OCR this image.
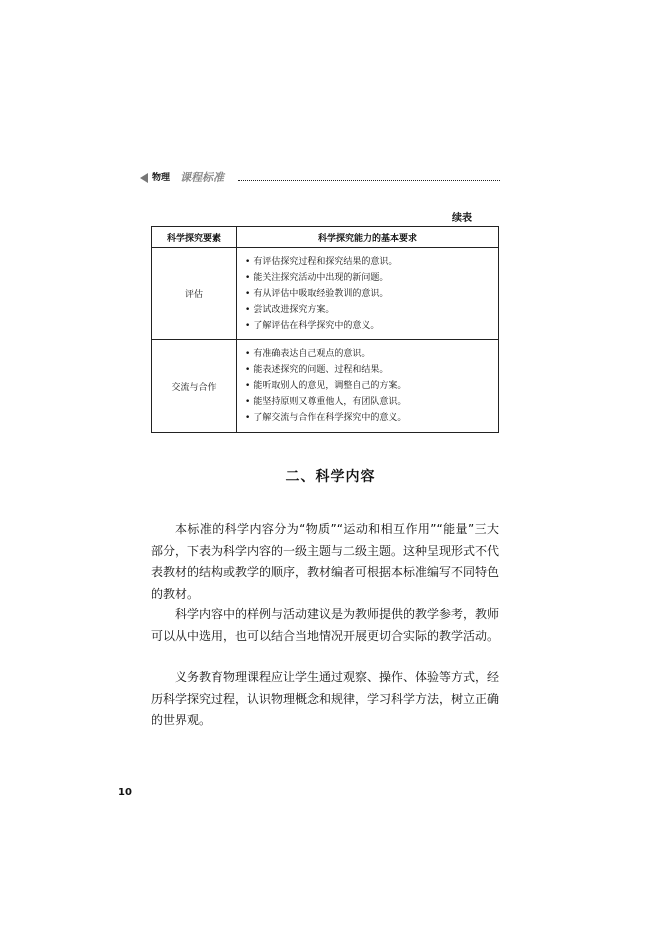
物理 课程标准
续表
科学探究要素	科学探究能力的基本要求
评估	• 有评估探究过程和探究结果的意识。
• 能关注探究活动中出现的新问题。
• 有从评估中吸取经验教训的意识。
• 尝试改进探究方案。
• 了解评估在科学探究中的意义。

交流与合作	• 有准确表达自己观点的意识。
• 能表述探究的问题、过程和结果。
• 能听取别人的意见，调整自己的方案。
• 能坚持原则又尊重他人，有团队意识。
• 了解交流与合作在科学探究中的意义。
二、科学内容

本标准的科学内容分为“物质”“运动和相互作用”“能量”三大部分，下表为科学内容的一级主题与二级主题。这种呈现形式不代表教材的结构或教学的顺序，教材编者可根据本标准编写不同特色的教材。

科学内容中的样例与活动建议是为教师提供的教学参考，教师可以从中选用，也可以结合当地情况开展更切合实际的教学活动。

义务教育物理课程应让学生通过观察、操作、体验等方式，经历科学探究过程，认识物理概念和规律，学习科学方法，树立正确的世界观。

10
